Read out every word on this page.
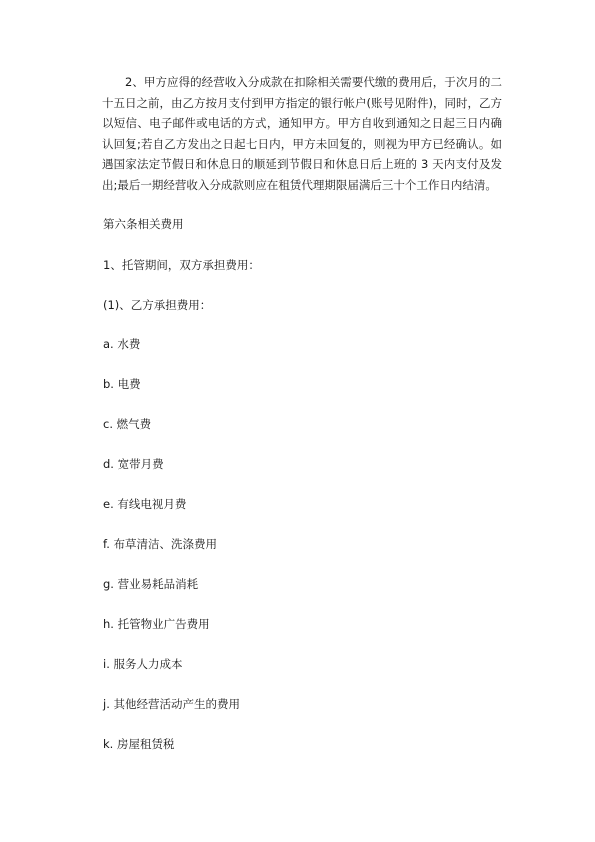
2、甲方应得的经营收入分成款在扣除相关需要代缴的费用后，于次月的二十五日之前，由乙方按月支付到甲方指定的银行帐户(账号见附件)，同时，乙方以短信、电子邮件或电话的方式，通知甲方。甲方自收到通知之日起三日内确认回复;若自乙方发出之日起七日内，甲方未回复的，则视为甲方已经确认。如遇国家法定节假日和休息日的顺延到节假日和休息日后上班的 3 天内支付及发出;最后一期经营收入分成款则应在租赁代理期限届满后三十个工作日内结清。

第六条相关费用

1、托管期间，双方承担费用：

(1)、乙方承担费用：

a. 水费

b. 电费

c. 燃气费

d. 宽带月费

e. 有线电视月费

f. 布草清洁、洗涤费用

g. 营业易耗品消耗

h. 托管物业广告费用

i. 服务人力成本

j. 其他经营活动产生的费用

k. 房屋租赁税
